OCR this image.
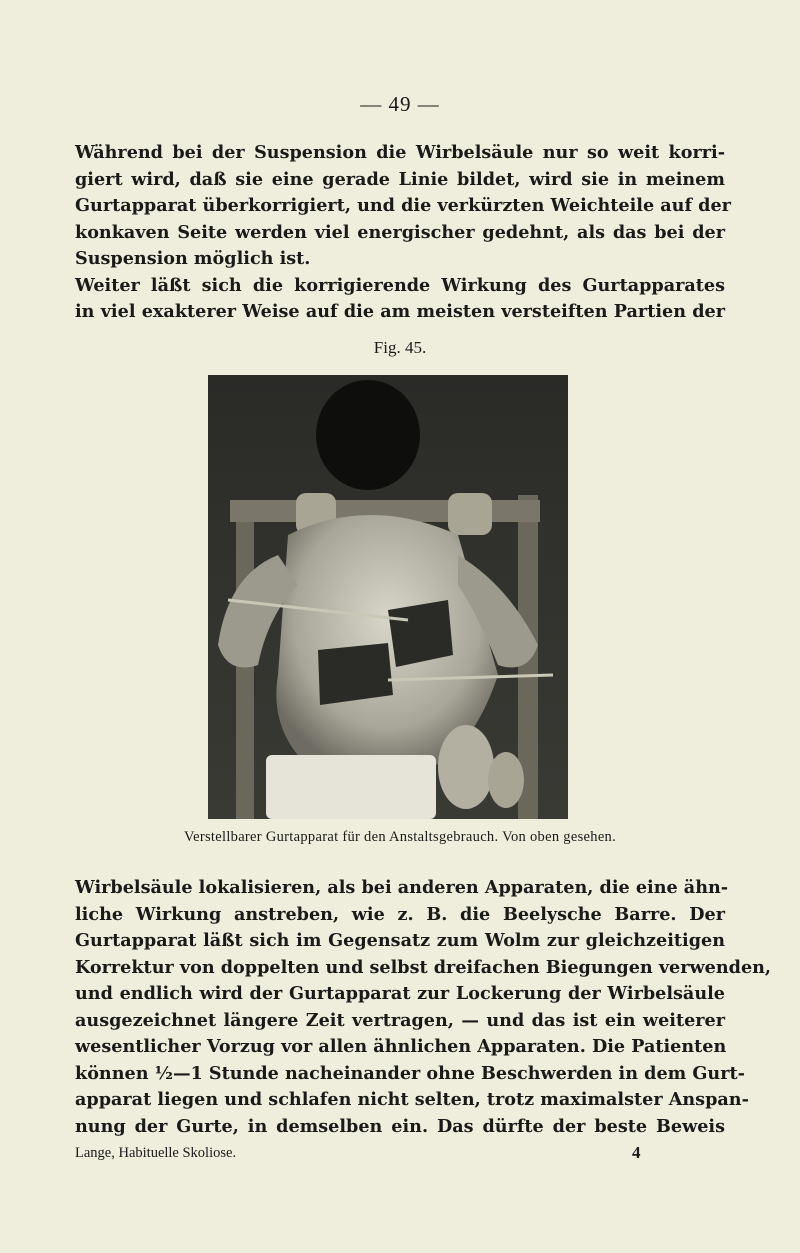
— 49 —

Während bei der Suspension die Wirbelsäule nur so weit korri-
giert wird, daß sie eine gerade Linie bildet, wird sie in meinem
Gurtapparat überkorrigiert, und die verkürzten Weichteile auf der
konkaven Seite werden viel energischer gedehnt, als das bei der
Suspension möglich ist.
Weiter läßt sich die korrigierende Wirkung des Gurtapparates
in viel exakterer Weise auf die am meisten versteiften Partien der

Fig. 45.
Verstellbarer Gurtapparat für den Anstaltsgebrauch. Von oben gesehen.

Wirbelsäule lokalisieren, als bei anderen Apparaten, die eine ähn-
liche Wirkung anstreben, wie z. B. die Beelysche Barre. Der
Gurtapparat läßt sich im Gegensatz zum Wolm zur gleichzeitigen
Korrektur von doppelten und selbst dreifachen Biegungen verwenden,
und endlich wird der Gurtapparat zur Lockerung der Wirbelsäule
ausgezeichnet längere Zeit vertragen, — und das ist ein weiterer
wesentlicher Vorzug vor allen ähnlichen Apparaten. Die Patienten
können ½—1 Stunde nacheinander ohne Beschwerden in dem Gurt-
apparat liegen und schlafen nicht selten, trotz maximalster Anspan-
nung der Gurte, in demselben ein. Das dürfte der beste Beweis

Lange, Habituelle Skoliose.	4
